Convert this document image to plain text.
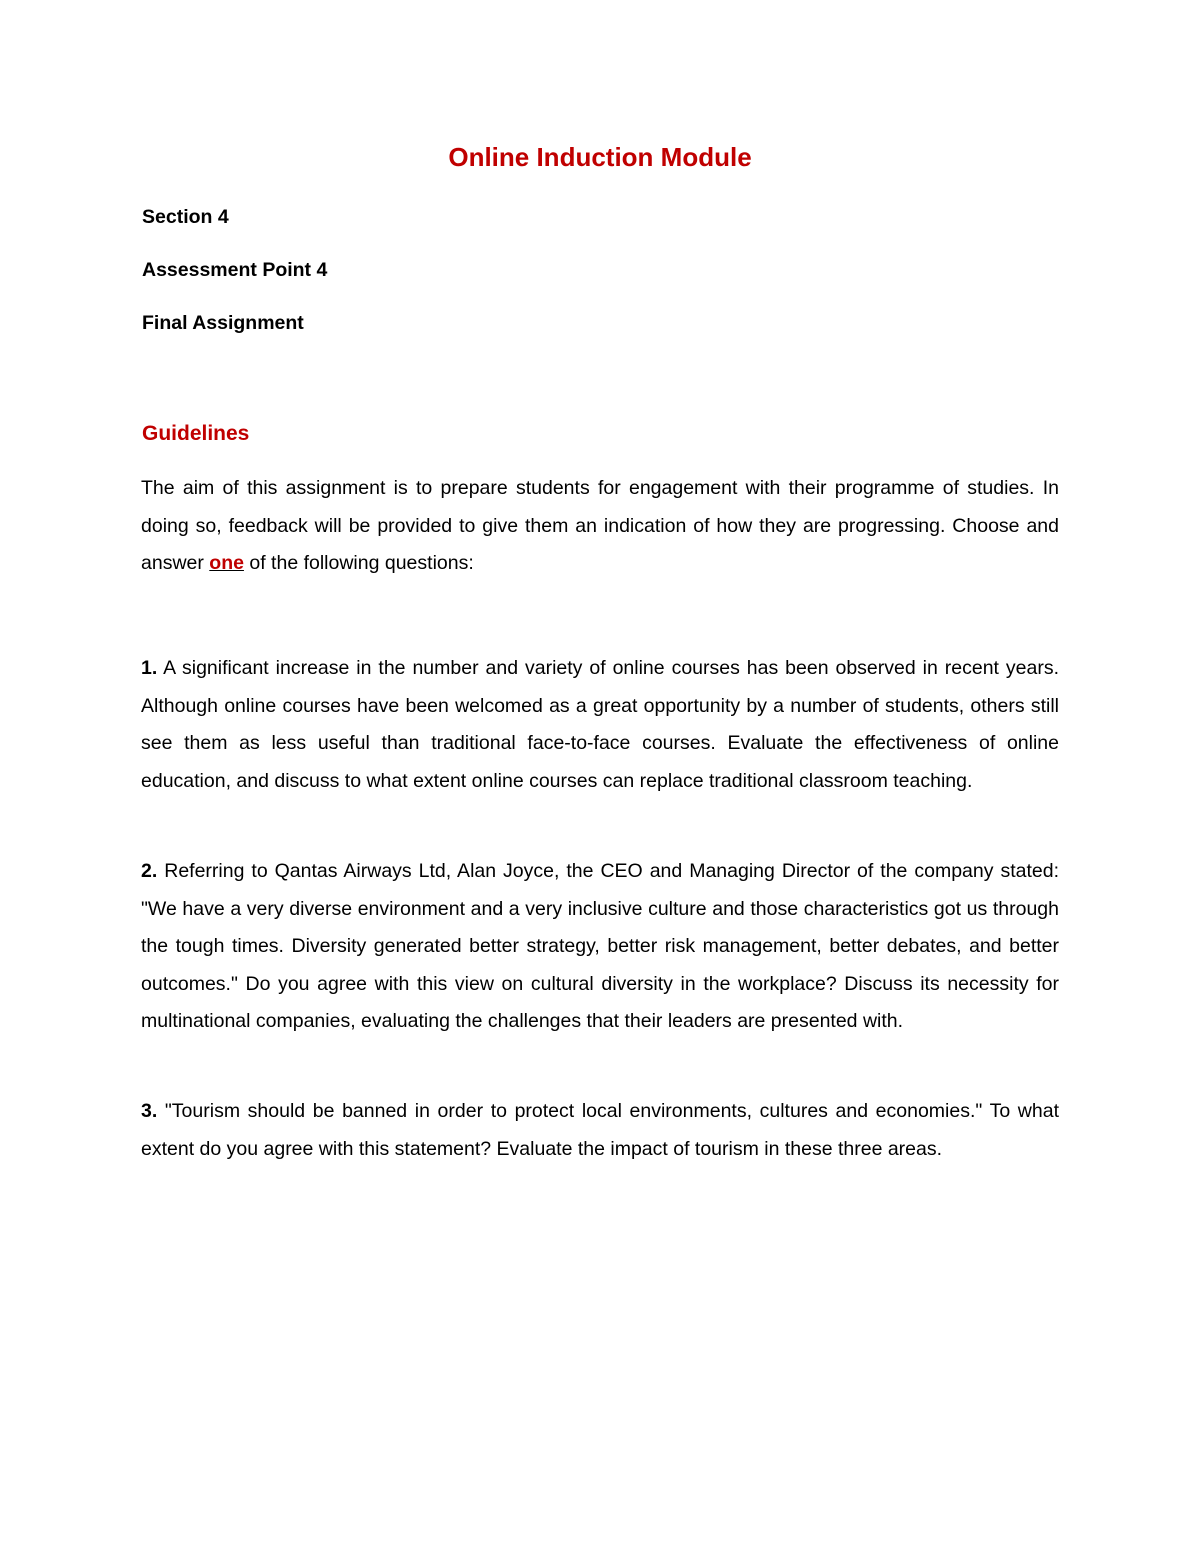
Online Induction Module
Section 4
Assessment Point 4
Final Assignment
Guidelines

The aim of this assignment is to prepare students for engagement with their programme of studies. In doing so, feedback will be provided to give them an indication of how they are progressing. Choose and answer one of the following questions:

1. A significant increase in the number and variety of online courses has been observed in recent years. Although online courses have been welcomed as a great opportunity by a number of students, others still see them as less useful than traditional face-to-face courses. Evaluate the effectiveness of online education, and discuss to what extent online courses can replace traditional classroom teaching.

2. Referring to Qantas Airways Ltd, Alan Joyce, the CEO and Managing Director of the company stated: "We have a very diverse environment and a very inclusive culture and those characteristics got us through the tough times. Diversity generated better strategy, better risk management, better debates, and better outcomes." Do you agree with this view on cultural diversity in the workplace? Discuss its necessity for multinational companies, evaluating the challenges that their leaders are presented with.

3. "Tourism should be banned in order to protect local environments, cultures and economies." To what extent do you agree with this statement? Evaluate the impact of tourism in these three areas.
